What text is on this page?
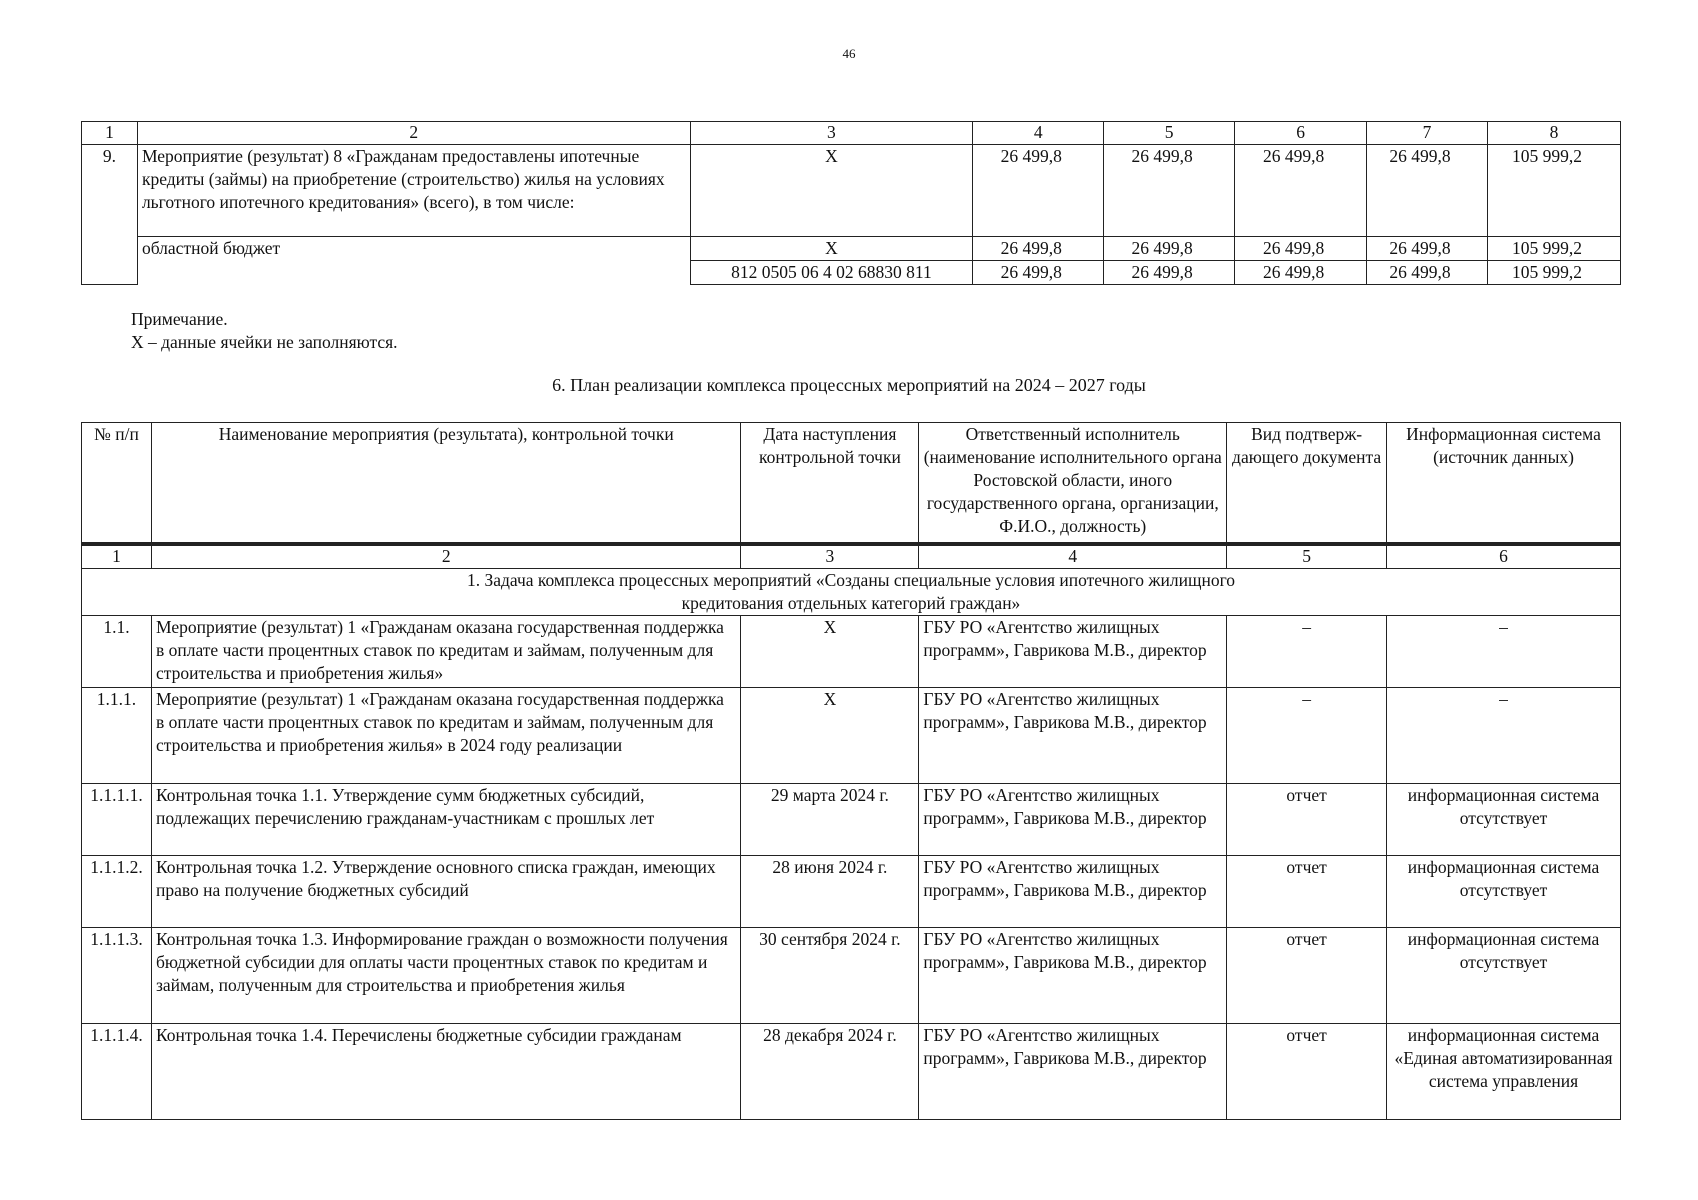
46
1	2	3	4	5	6	7	8
9.	Мероприятие (результат) 8 «Гражданам предоставлены ипотечные кредиты (займы) на приобретение (строительство) жилья на условиях льготного ипотечного кредитования» (всего), в том числе:	Х	26 499,8	26 499,8	26 499,8	26 499,8	105 999,2
	областной бюджет	Х	26 499,8	26 499,8	26 499,8	26 499,8	105 999,2
		812 0505 06 4 02 68830 811	26 499,8	26 499,8	26 499,8	26 499,8	105 999,2
Примечание.
Х – данные ячейки не заполняются.
6. План реализации комплекса процессных мероприятий на 2024 – 2027 годы
№ п/п	Наименование мероприятия (результата), контрольной точки	Дата наступления контрольной точки	Ответственный исполнитель (наименование исполнительного органа Ростовской области, иного государственного органа, организации, Ф.И.О., должность)	Вид подтверж-дающего документа	Информационная система (источник данных)
1	2	3	4	5	6
1. Задача комплекса процессных мероприятий «Созданы специальные условия ипотечного жилищного кредитования отдельных категорий граждан»					
1.1.	Мероприятие (результат) 1 «Гражданам оказана государственная поддержка в оплате части процентных ставок по кредитам и займам, полученным для строительства и приобретения жилья»	Х	ГБУ РО «Агентство жилищных программ», Гаврикова М.В., директор	–	–
1.1.1.	Мероприятие (результат) 1 «Гражданам оказана государственная поддержка в оплате части процентных ставок по кредитам и займам, полученным для строительства и приобретения жилья» в 2024 году реализации	Х	ГБУ РО «Агентство жилищных программ», Гаврикова М.В., директор	–	–
1.1.1.1.	Контрольная точка 1.1. Утверждение сумм бюджетных субсидий, подлежащих перечислению гражданам-участникам с прошлых лет	29 марта 2024 г.	ГБУ РО «Агентство жилищных программ», Гаврикова М.В., директор	отчет	информационная система отсутствует
1.1.1.2.	Контрольная точка 1.2. Утверждение основного списка граждан, имеющих право на получение бюджетных субсидий	28 июня 2024 г.	ГБУ РО «Агентство жилищных программ», Гаврикова М.В., директор	отчет	информационная система отсутствует
1.1.1.3.	Контрольная точка 1.3. Информирование граждан о возможности получения бюджетной субсидии для оплаты части процентных ставок по кредитам и займам, полученным для строительства и приобретения жилья	30 сентября 2024 г.	ГБУ РО «Агентство жилищных программ», Гаврикова М.В., директор	отчет	информационная система отсутствует
1.1.1.4.	Контрольная точка 1.4. Перечислены бюджетные субсидии гражданам	28 декабря 2024 г.	ГБУ РО «Агентство жилищных программ», Гаврикова М.В., директор	отчет	информационная система «Единая автоматизированная система управления
